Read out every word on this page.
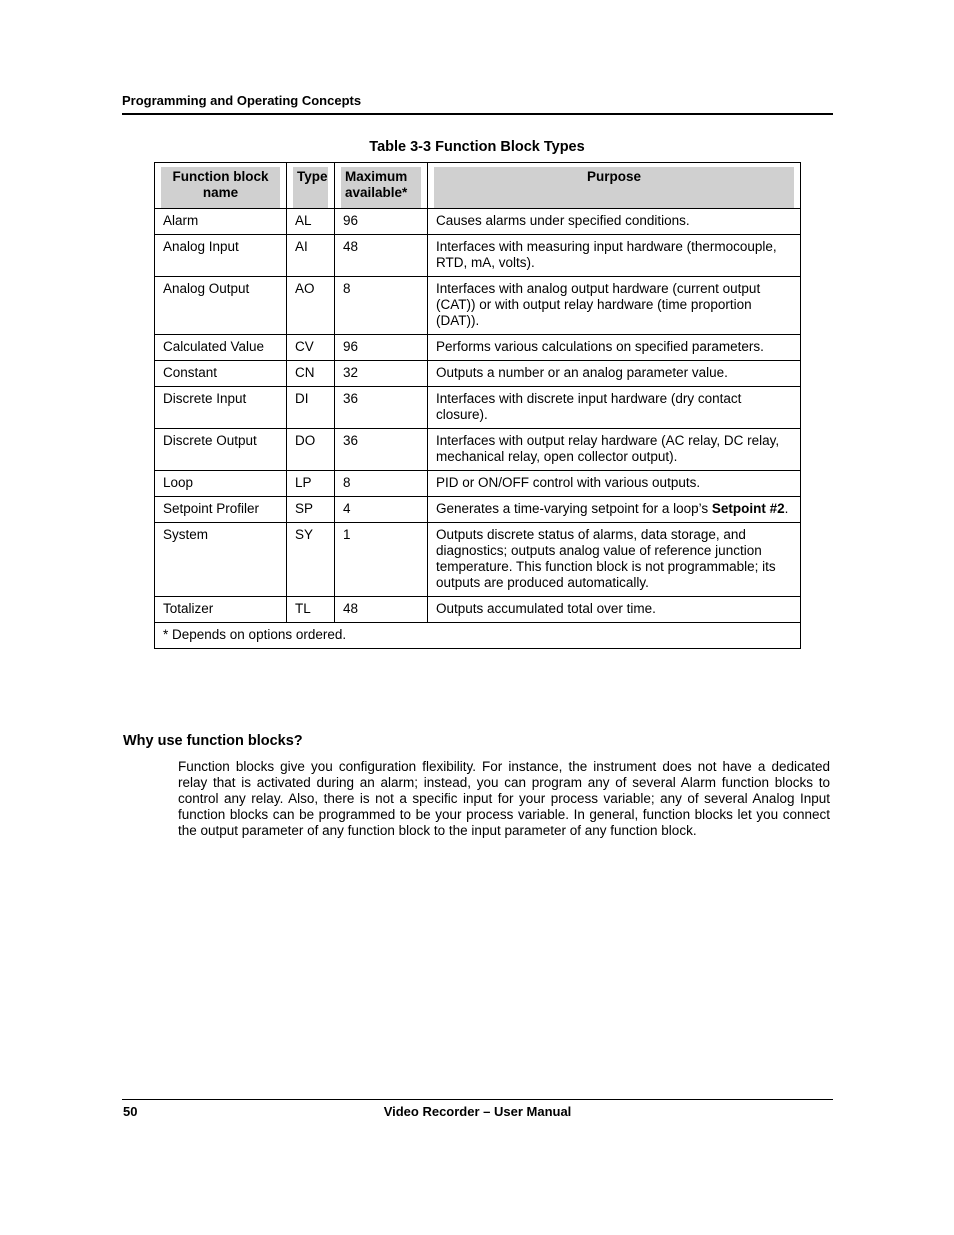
Programming and Operating Concepts
Table 3-3 Function Block Types
Function block name	Type	Maximum available*	Purpose

Alarm	AL	96	Causes alarms under specified conditions.
Analog Input	AI	48	Interfaces with measuring input hardware (thermocouple, RTD, mA, volts).
Analog Output	AO	8	Interfaces with analog output hardware (current output (CAT)) or with output relay hardware (time proportion (DAT)).
Calculated Value	CV	96	Performs various calculations on specified parameters.
Constant	CN	32	Outputs a number or an analog parameter value.
Discrete Input	DI	36	Interfaces with discrete input hardware (dry contact closure).
Discrete Output	DO	36	Interfaces with output relay hardware (AC relay, DC relay, mechanical relay, open collector output).
Loop	LP	8	PID or ON/OFF control with various outputs.
Setpoint Profiler	SP	4	Generates a time-varying setpoint for a loop’s Setpoint #2.
System	SY	1	Outputs discrete status of alarms, data storage, and diagnostics; outputs analog value of reference junction temperature. This function block is not programmable; its outputs are produced automatically.
Totalizer	TL	48	Outputs accumulated total over time.
* Depends on options ordered.			
Why use function blocks?
Function blocks give you configuration flexibility. For instance, the instrument does not have a dedicated relay that is activated during an alarm; instead, you can program any of several Alarm function blocks to control any relay. Also, there is not a specific input for your process variable; any of several Analog Input function blocks can be programmed to be your process variable. In general, function blocks let you connect the output parameter of any function block to the input parameter of any function block.
50	Video Recorder – User Manual
